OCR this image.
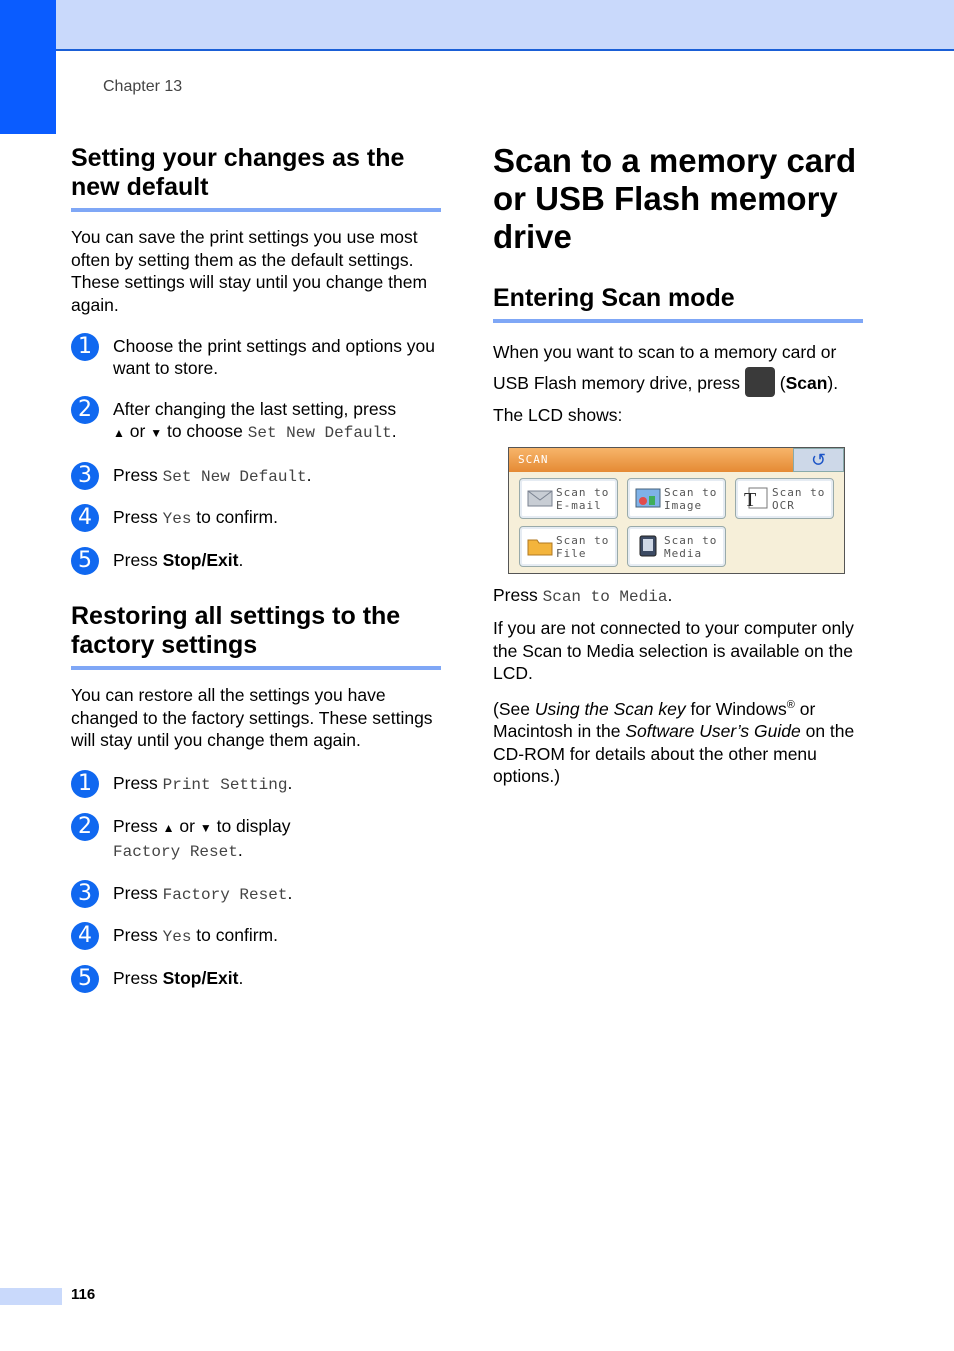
Chapter 13
Setting your changes as the new default

You can save the print settings you use most often by setting them as the default settings. These settings will stay until you change them again.

1	Choose the print settings and options you want to store.
2	After changing the last setting, press
▲ or ▼ to choose Set New Default.
3	Press Set New Default.
4	Press Yes to confirm.
5	Press Stop/Exit.
Restoring all settings to the factory settings

You can restore all the settings you have changed to the factory settings. These settings will stay until you change them again.

1	Press Print Setting.
2	Press ▲ or ▼ to display
Factory Reset.
3	Press Factory Reset.
4	Press Yes to confirm.
5	Press Stop/Exit.
Scan to a memory card or USB Flash memory drive
Entering Scan mode

When you want to scan to a memory card or USB Flash memory drive, press (Scan).

The LCD shows:

SCAN	↺
Scan to
E-mail
Scan to
Image	T Scan to
OCR
Scan to
File
Scan to
Media

Press Scan to Media.

If you are not connected to your computer only the Scan to Media selection is available on the LCD.

(See Using the Scan key for Windows® or Macintosh in the Software User’s Guide on the CD-ROM for details about the other menu options.)

116
